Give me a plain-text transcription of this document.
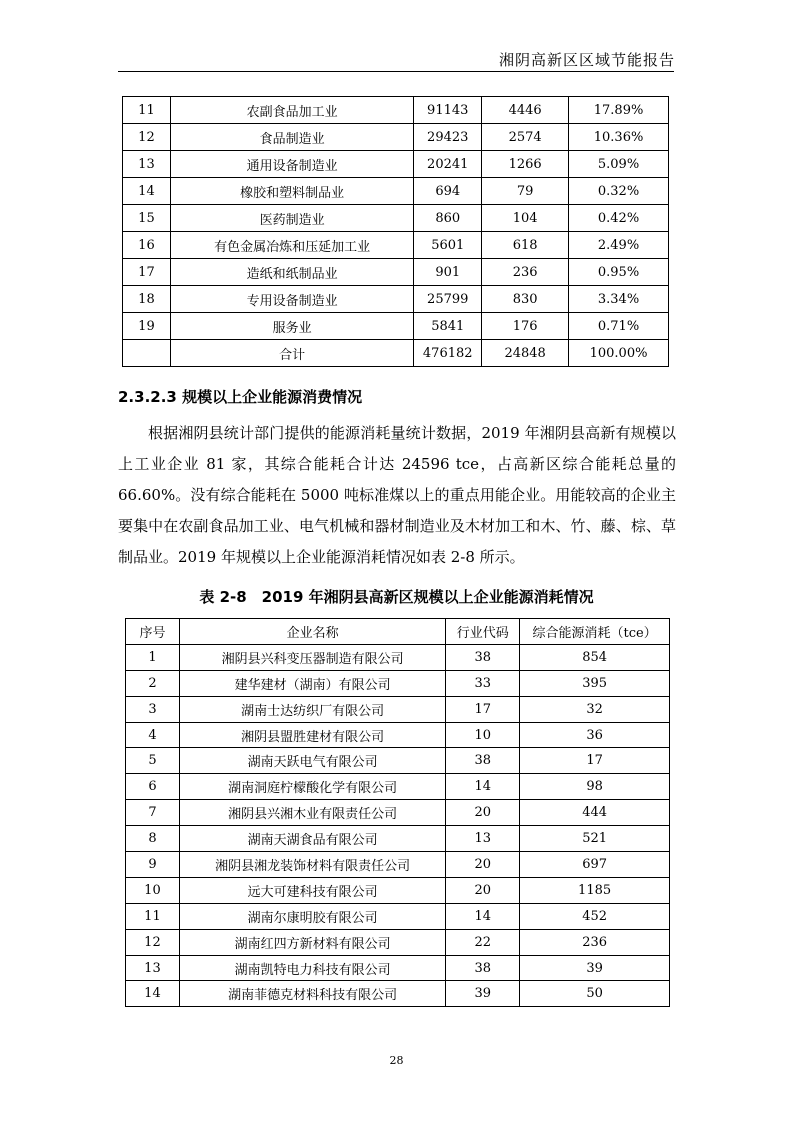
湘阴高新区区域节能报告
11	农副食品加工业	91143	4446	17.89%
12	食品制造业	29423	2574	10.36%
13	通用设备制造业	20241	1266	5.09%
14	橡胶和塑料制品业	694	79	0.32%
15	医药制造业	860	104	0.42%
16	有色金属冶炼和压延加工业	5601	618	2.49%
17	造纸和纸制品业	901	236	0.95%
18	专用设备制造业	25799	830	3.34%
19	服务业	5841	176	0.71%
	合计	476182	24848	100.00%
2.3.2.3 规模以上企业能源消费情况

根据湘阴县统计部门提供的能源消耗量统计数据，2019 年湘阴县高新有规模以上工业企业 81 家，其综合能耗合计达 24596 tce，占高新区综合能耗总量的 66.60%。没有综合能耗在 5000 吨标准煤以上的重点用能企业。用能较高的企业主要集中在农副食品加工业、电气机械和器材制造业及木材加工和木、竹、藤、棕、草制品业。2019 年规模以上企业能源消耗情况如表 2-8 所示。

表 2-8　2019 年湘阴县高新区规模以上企业能源消耗情况
序号	企业名称	行业代码	综合能源消耗（tce）
1	湘阴县兴科变压器制造有限公司	38	854
2	建华建材（湖南）有限公司	33	395
3	湖南士达纺织厂有限公司	17	32
4	湘阴县盟胜建材有限公司	10	36
5	湖南天跃电气有限公司	38	17
6	湖南洞庭柠檬酸化学有限公司	14	98
7	湘阴县兴湘木业有限责任公司	20	444
8	湖南天湖食品有限公司	13	521
9	湘阴县湘龙装饰材料有限责任公司	20	697
10	远大可建科技有限公司	20	1185
11	湖南尔康明胶有限公司	14	452
12	湖南红四方新材料有限公司	22	236
13	湖南凯特电力科技有限公司	38	39
14	湖南菲德克材料科技有限公司	39	50
28
